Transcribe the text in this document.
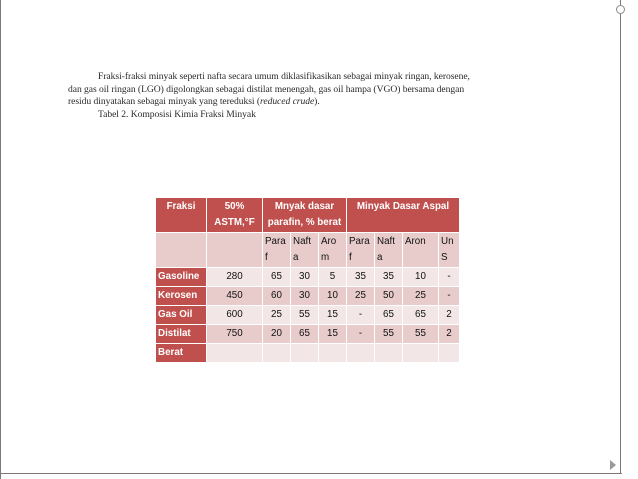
Fraksi-fraksi minyak seperti nafta secara umum diklasifikasikan sebagai minyak ringan, kerosene,
dan gas oil ringan (LGO) digolongkan sebagai distilat menengah, gas oil hampa (VGO) bersama dengan
residu dinyatakan sebagai minyak yang tereduksi (reduced crude).
Tabel 2. Komposisi Kimia Fraksi Minyak
Fraksi	50% ASTM,°F	Mnyak dasar parafin, % berat			Minyak Dasar Aspal			
		Paraf	Nafta	Arom	Paraf	Nafta	Aron	UnS
Gasoline	280	65	30	5	35	35	10	-
Kerosen	450	60	30	10	25	50	25	-
Gas Oil	600	25	55	15	-	65	65	2
Distilat	750	20	65	15	-	55	55	2
Berat								
